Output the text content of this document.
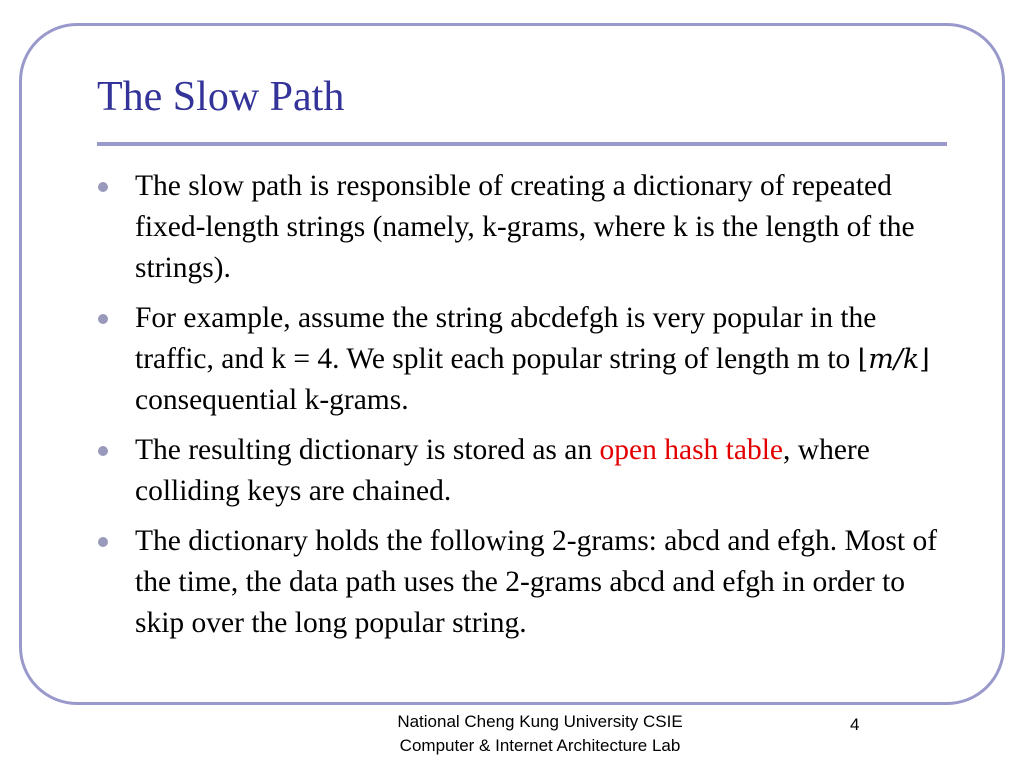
The Slow Path
The slow path is responsible of creating a dictionary of repeated fixed-length strings (namely, k-grams, where k is the length of the strings).
For example, assume the string abcdefgh is very popular in the traffic, and k = 4. We split each popular string of length m to ⌊m/k⌋ consequential k-grams.
The resulting dictionary is stored as an open hash table, where colliding keys are chained.
The dictionary holds the following 2-grams: abcd and efgh. Most of the time, the data path uses the 2-grams abcd and efgh in order to skip over the long popular string.
National Cheng Kung University CSIE
Computer & Internet Architecture Lab
4
